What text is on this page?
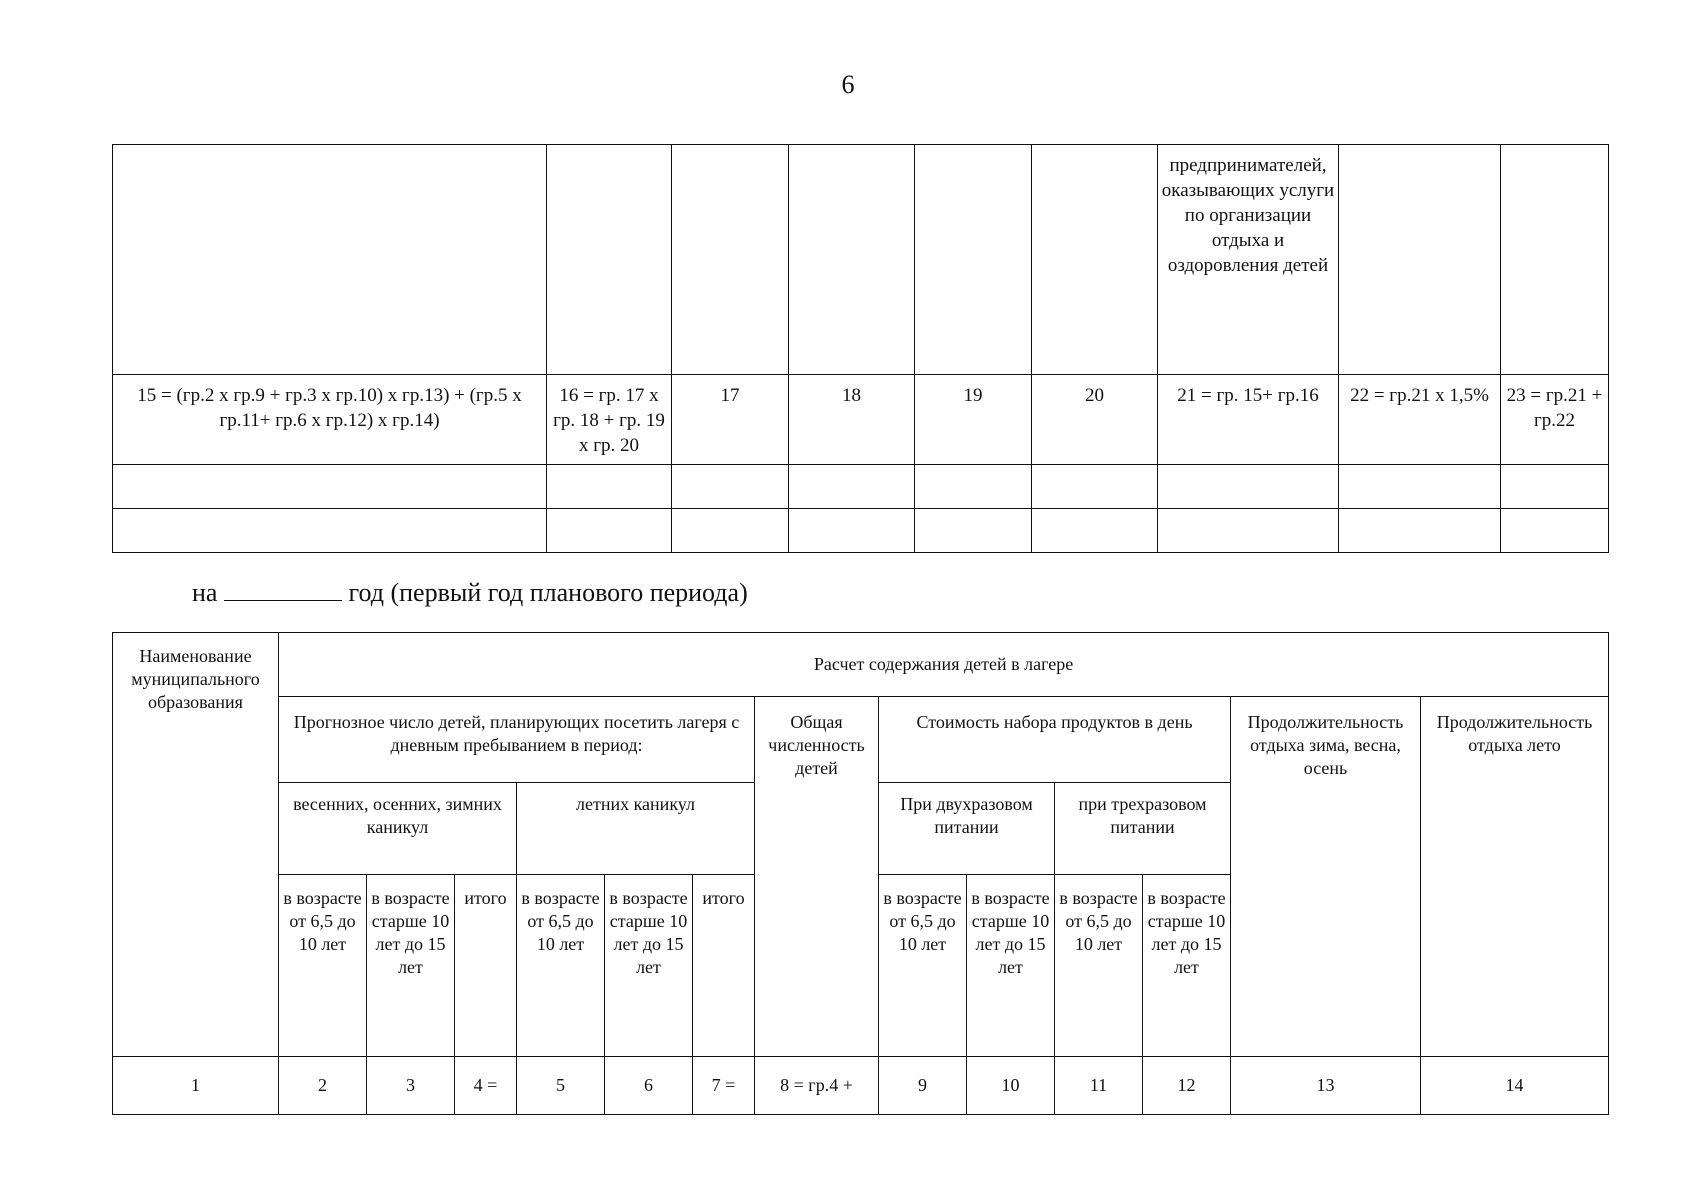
6
						предпринимателей, оказывающих услуги по организации отдыха и оздоровления детей		
15 = (гр.2 х гр.9 + гр.3 х гр.10) х гр.13) + (гр.5 х гр.11+ гр.6 х гр.12) х гр.14)	16 = гр. 17 х гр. 18 + гр. 19 х гр. 20	17	18	19	20	21 = гр. 15+ гр.16	22 = гр.21 х 1,5%	23 = гр.21 + гр.22

на	год (первый год планового периода)
Наименование муниципального образования	Расчет содержания детей в лагере												
	Прогнозное число детей, планирующих посетить лагеря с дневным пребыванием в период:						Общая численность детей	Стоимость набора продуктов в день				Продолжительность отдыха зима, весна, осень	Продолжительность отдыха лето
	весенних, осенних, зимних каникул			летних каникул				При двухразовом питании		при трехразовом питании			
	в возрасте от 6,5 до 10 лет	в возрасте старше 10 лет до 15 лет	итого	в возрасте от 6,5 до 10 лет	в возрасте старше 10 лет до 15 лет	итого		в возрасте от 6,5 до 10 лет	в возрасте старше 10 лет до 15 лет	в возрасте от 6,5 до 10 лет	в возрасте старше 10 лет до 15 лет		
1	2	3	4 =	5	6	7 =	8 = гр.4 +	9	10	11	12	13	14
